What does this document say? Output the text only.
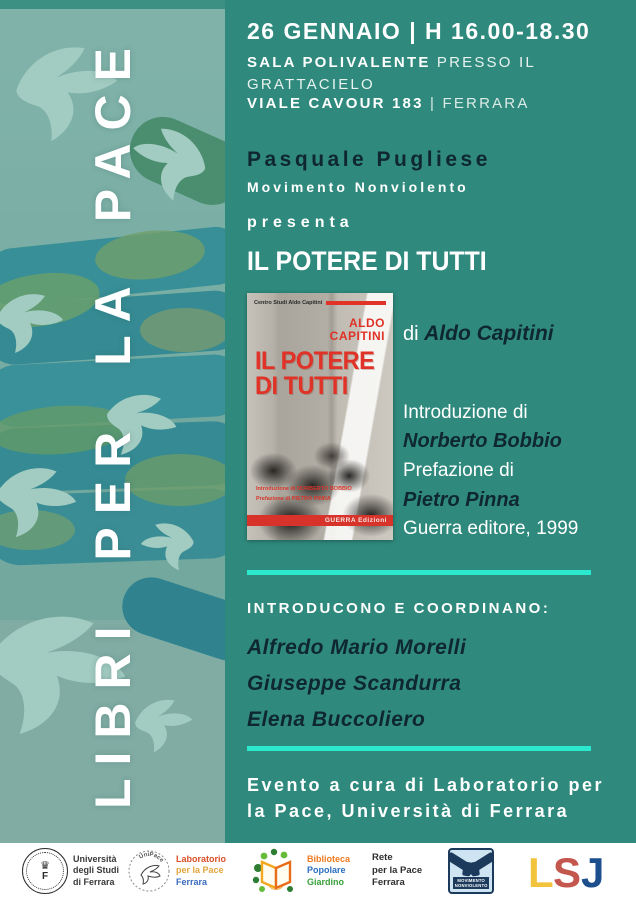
LIBRI PER LA PACE
26 GENNAIO | H 16.00-18.30
SALA POLIVALENTE PRESSO IL GRATTACIELO
VIALE CAVOUR 183 | FERRARA
Pasquale Pugliese
Movimento Nonviolento
presenta
IL POTERE DI TUTTI
Centro Studi Aldo Capitini
ALDO
CAPITINI
IL POTERE
DI TUTTI
Introduzione di NORBERTO BOBBIO
Prefazione di PIETRO PINNA
GUERRA Edizioni
di Aldo Capitini
Introduzione di
Norberto Bobbio
Prefazione di
Pietro Pinna
Guerra editore, 1999
INTRODUCONO E COORDINANO:
Alfredo Mario Morelli
Giuseppe Scandurra
Elena Buccoliero
Evento a cura di Laboratorio per la Pace, Università di Ferrara
♛
F
Università
degli Studi
di Ferrara
UniPace Laboratorio
per la Pace
Ferrara
Biblioteca
Popolare
Giardino
Rete
per la Pace
Ferrara	MOVIMENTO
NONVIOLENTO L S J
